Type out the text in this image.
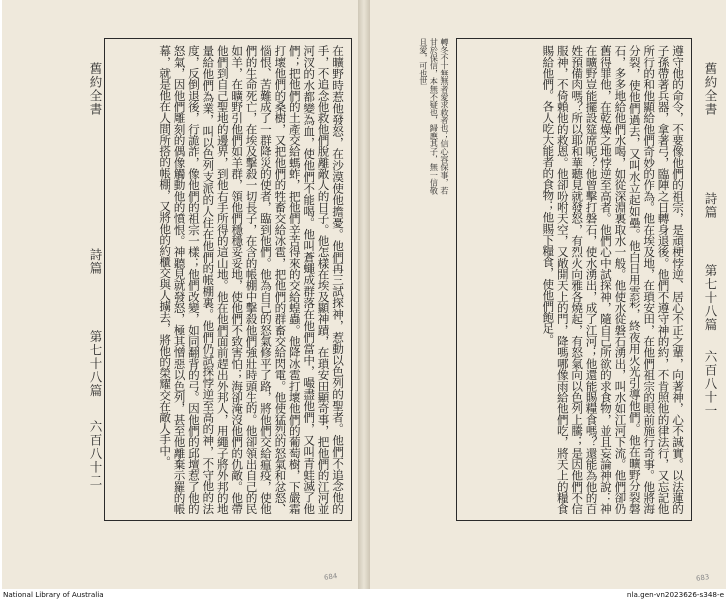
舊約全書
詩篇
第七十八篇
六百八十二	在曠野時惹他發怒，在沙漠使他擔憂。他們再三試探神，惹動以色列的聖者。他們不追念他的手，不追念他救他們脫離敵人的日子。他怎樣在埃及顯神蹟，在瑣安田顯奇事，把他們的江河並河汊的水都變為血，使他們不能喝。他叫蒼蠅成群落在他們當中，嘬盡他們，又叫青蛙滅了他們；把他們的土產交給螞蚱，把他們辛苦得來的交給蝗蟲。他降冰雹打壞他們的葡萄樹，下嚴霜打壞他們的桑樹，又把他們的牲畜交給冰雹，把他們的群畜交給閃電。他使猛烈的怒氣和忿怒、惱恨、苦難成了一群降災的使者，臨到他們。他為自己的怒氣修平了路，將他們交給瘟疫，使他們的生命死亡，在埃及擊殺一切長子，在含的帳棚中擊殺他們強壯時頭生的。他卻領出自己的民如羊，在曠野引他們如羊群，領他們穩穩妥妥地，使他們不致害怕；海卻淹沒他們的仇敵。他帶他們到自己聖地的邊界，到他右手所得的這山地。他在他們面前趕出外邦人，用繩子將外邦的地量給他們為業，叫以色列支派的人住在他們的帳棚裏。他們仍試探悖逆至高的神，不守他的法度，反倒退後，行詭詐，像他們的祖宗一樣；他們改變，如同翻背的弓。因他們的邱壇惹了他的怒氣，因他們雕刻的偶像觸動他的憤恨。神聽見就發怒，極其憎惡以色列，甚至他離棄示羅的帳幕，就是他在人間所搭的帳棚，又將他的約櫃交與人擄去，將他的榮耀交在敵人手中。
684
轉冬不十無無者愛求救者也；信心容保事，若甘於保信，本無不疑也，歸應其子，無一信敬且愛，可也世	遵守他的命令，不要像他們的祖宗，是頑梗悖逆、居心不正之輩，向著神，心不誠實。以法蓮的子孫帶著兵器，拿著弓，臨陣之日轉身退後。他們不遵守神的約，不肯照他的律法行，又忘記他所行的和他顯給他們奇妙的作為。他在埃及地，在瑣安田，在他們祖宗的眼前施行奇事。他將海分裂，使他們過去，又叫水立起如壘。他白日用雲彩，終夜用火光引導他們。他在曠野分裂磐石，多多地給他們水喝，如從深淵裏取水一般。他使水從磐石湧出，叫水如江河下流。他們卻仍舊得罪他，在乾燥之地悖逆至高者。他們心中試探神，隨自己所欲的求食物，並且妄論神說：神在曠野豈能擺設筵席呢？他曾擊打磐石，使水湧出，成了江河；他還能賜糧食嗎？還能為他的百姓預備肉嗎？所以耶和華聽見就發怒，有烈火向雅各燒起，有怒氣向以色列上騰；是因他們不信服神，不倚賴他的救恩。他卻吩咐天空，又敞開天上的門，降嗎哪像雨給他們吃，將天上的糧食賜給他們。各人吃大能者的食物；他賜下糧食，使他們飽足。	舊約全書
詩篇
第七十八篇
六百八十一
683
National Library of Australia	nla.gen-vn2023626-s348-e
